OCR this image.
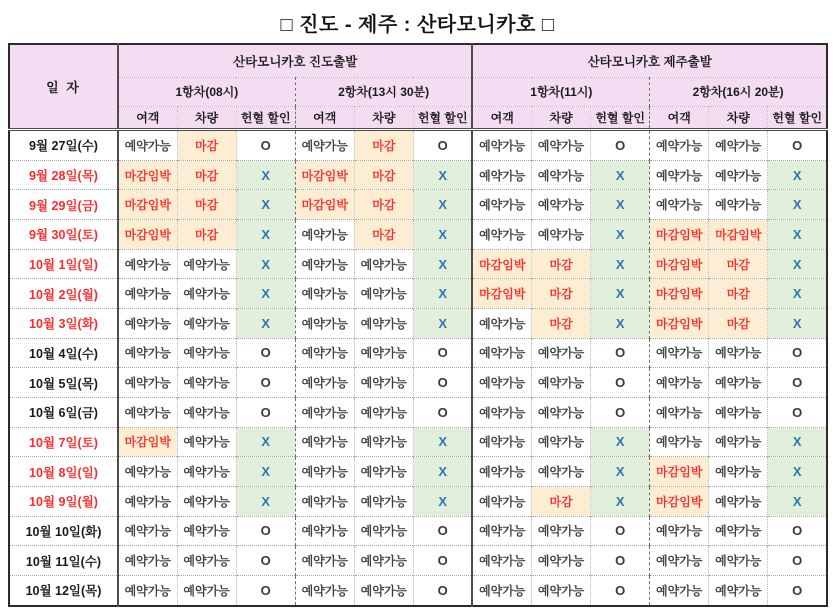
□ 진도 - 제주 : 산타모니카호 □
일 자	산타모니카호 진도출발						산타모니카호 제주출발					
	1항차(08시)			2항차(13시 30분)			1항차(11시)			2항차(16시 20분)		
	여객	차량	헌혈 할인	여객	차량	헌혈 할인	여객	차량	헌혈 할인	여객	차량	헌혈 할인
9월 27일(수)	예약가능	마감	O	예약가능	마감	O	예약가능	예약가능	O	예약가능	예약가능	O
9월 28일(목)	마감임박	마감	X	마감임박	마감	X	예약가능	예약가능	X	예약가능	예약가능	X
9월 29일(금)	마감임박	마감	X	마감임박	마감	X	예약가능	예약가능	X	예약가능	예약가능	X
9월 30일(토)	마감임박	마감	X	예약가능	마감	X	예약가능	예약가능	X	마감임박	마감임박	X
10월 1일(일)	예약가능	예약가능	X	예약가능	예약가능	X	마감임박	마감	X	마감임박	마감	X
10월 2일(월)	예약가능	예약가능	X	예약가능	예약가능	X	마감임박	마감	X	마감임박	마감	X
10월 3일(화)	예약가능	예약가능	X	예약가능	예약가능	X	예약가능	마감	X	마감임박	마감	X
10월 4일(수)	예약가능	예약가능	O	예약가능	예약가능	O	예약가능	예약가능	O	예약가능	예약가능	O
10월 5일(목)	예약가능	예약가능	O	예약가능	예약가능	O	예약가능	예약가능	O	예약가능	예약가능	O
10월 6일(금)	예약가능	예약가능	O	예약가능	예약가능	O	예약가능	예약가능	O	예약가능	예약가능	O
10월 7일(토)	마감임박	예약가능	X	예약가능	예약가능	X	예약가능	예약가능	X	예약가능	예약가능	X
10월 8일(일)	예약가능	예약가능	X	예약가능	예약가능	X	예약가능	예약가능	X	마감임박	예약가능	X
10월 9일(월)	예약가능	예약가능	X	예약가능	예약가능	X	예약가능	마감	X	마감임박	예약가능	X
10월 10일(화)	예약가능	예약가능	O	예약가능	예약가능	O	예약가능	예약가능	O	예약가능	예약가능	O
10월 11일(수)	예약가능	예약가능	O	예약가능	예약가능	O	예약가능	예약가능	O	예약가능	예약가능	O
10월 12일(목)	예약가능	예약가능	O	예약가능	예약가능	O	예약가능	예약가능	O	예약가능	예약가능	O
